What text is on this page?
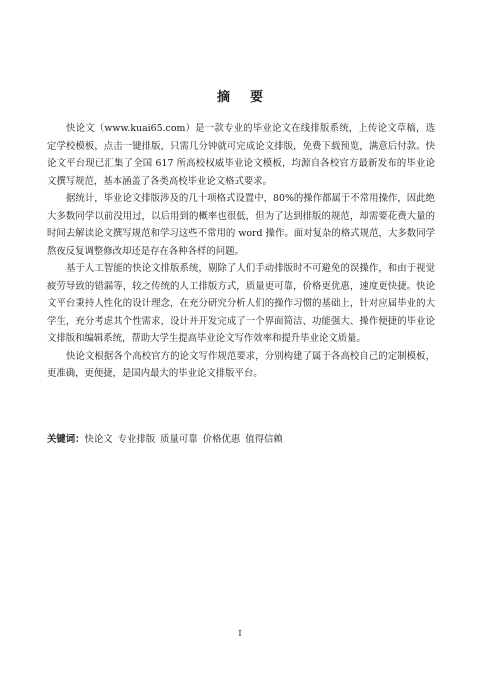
摘 要

快论文（www.kuai65.com）是一款专业的毕业论文在线排版系统，上传论文草稿，选定学校模板，点击一键排版，只需几分钟就可完成论文排版，免费下载预览，满意后付款。快论文平台现已汇集了全国 617 所高校权威毕业论文模板，均源自各校官方最新发布的毕业论文撰写规范，基本涵盖了各类高校毕业论文格式要求。

据统计，毕业论文排版涉及的几十项格式设置中，80%的操作都属于不常用操作，因此绝大多数同学以前没用过，以后用到的概率也很低，但为了达到排版的规范，却需要花费大量的时间去解读论文撰写规范和学习这些不常用的 word 操作。面对复杂的格式规范，大多数同学熬夜反复调整修改却还是存在各种各样的问题。

基于人工智能的快论文排版系统，剔除了人们手动排版时不可避免的误操作，和由于视觉疲劳导致的错漏等，较之传统的人工排版方式，质量更可靠，价格更优惠，速度更快捷。快论文平台秉持人性化的设计理念，在充分研究分析人们的操作习惯的基础上，针对应届毕业的大学生，充分考虑其个性需求，设计并开发完成了一个界面简洁、功能强大、操作便捷的毕业论文排版和编辑系统，帮助大学生提高毕业论文写作效率和提升毕业论文质量。

快论文根据各个高校官方的论文写作规范要求，分别构建了属于各高校自己的定制模板，更准确，更便捷，是国内最大的毕业论文排版平台。

关键词：快论文 专业排版 质量可靠 价格优惠 值得信赖
I
